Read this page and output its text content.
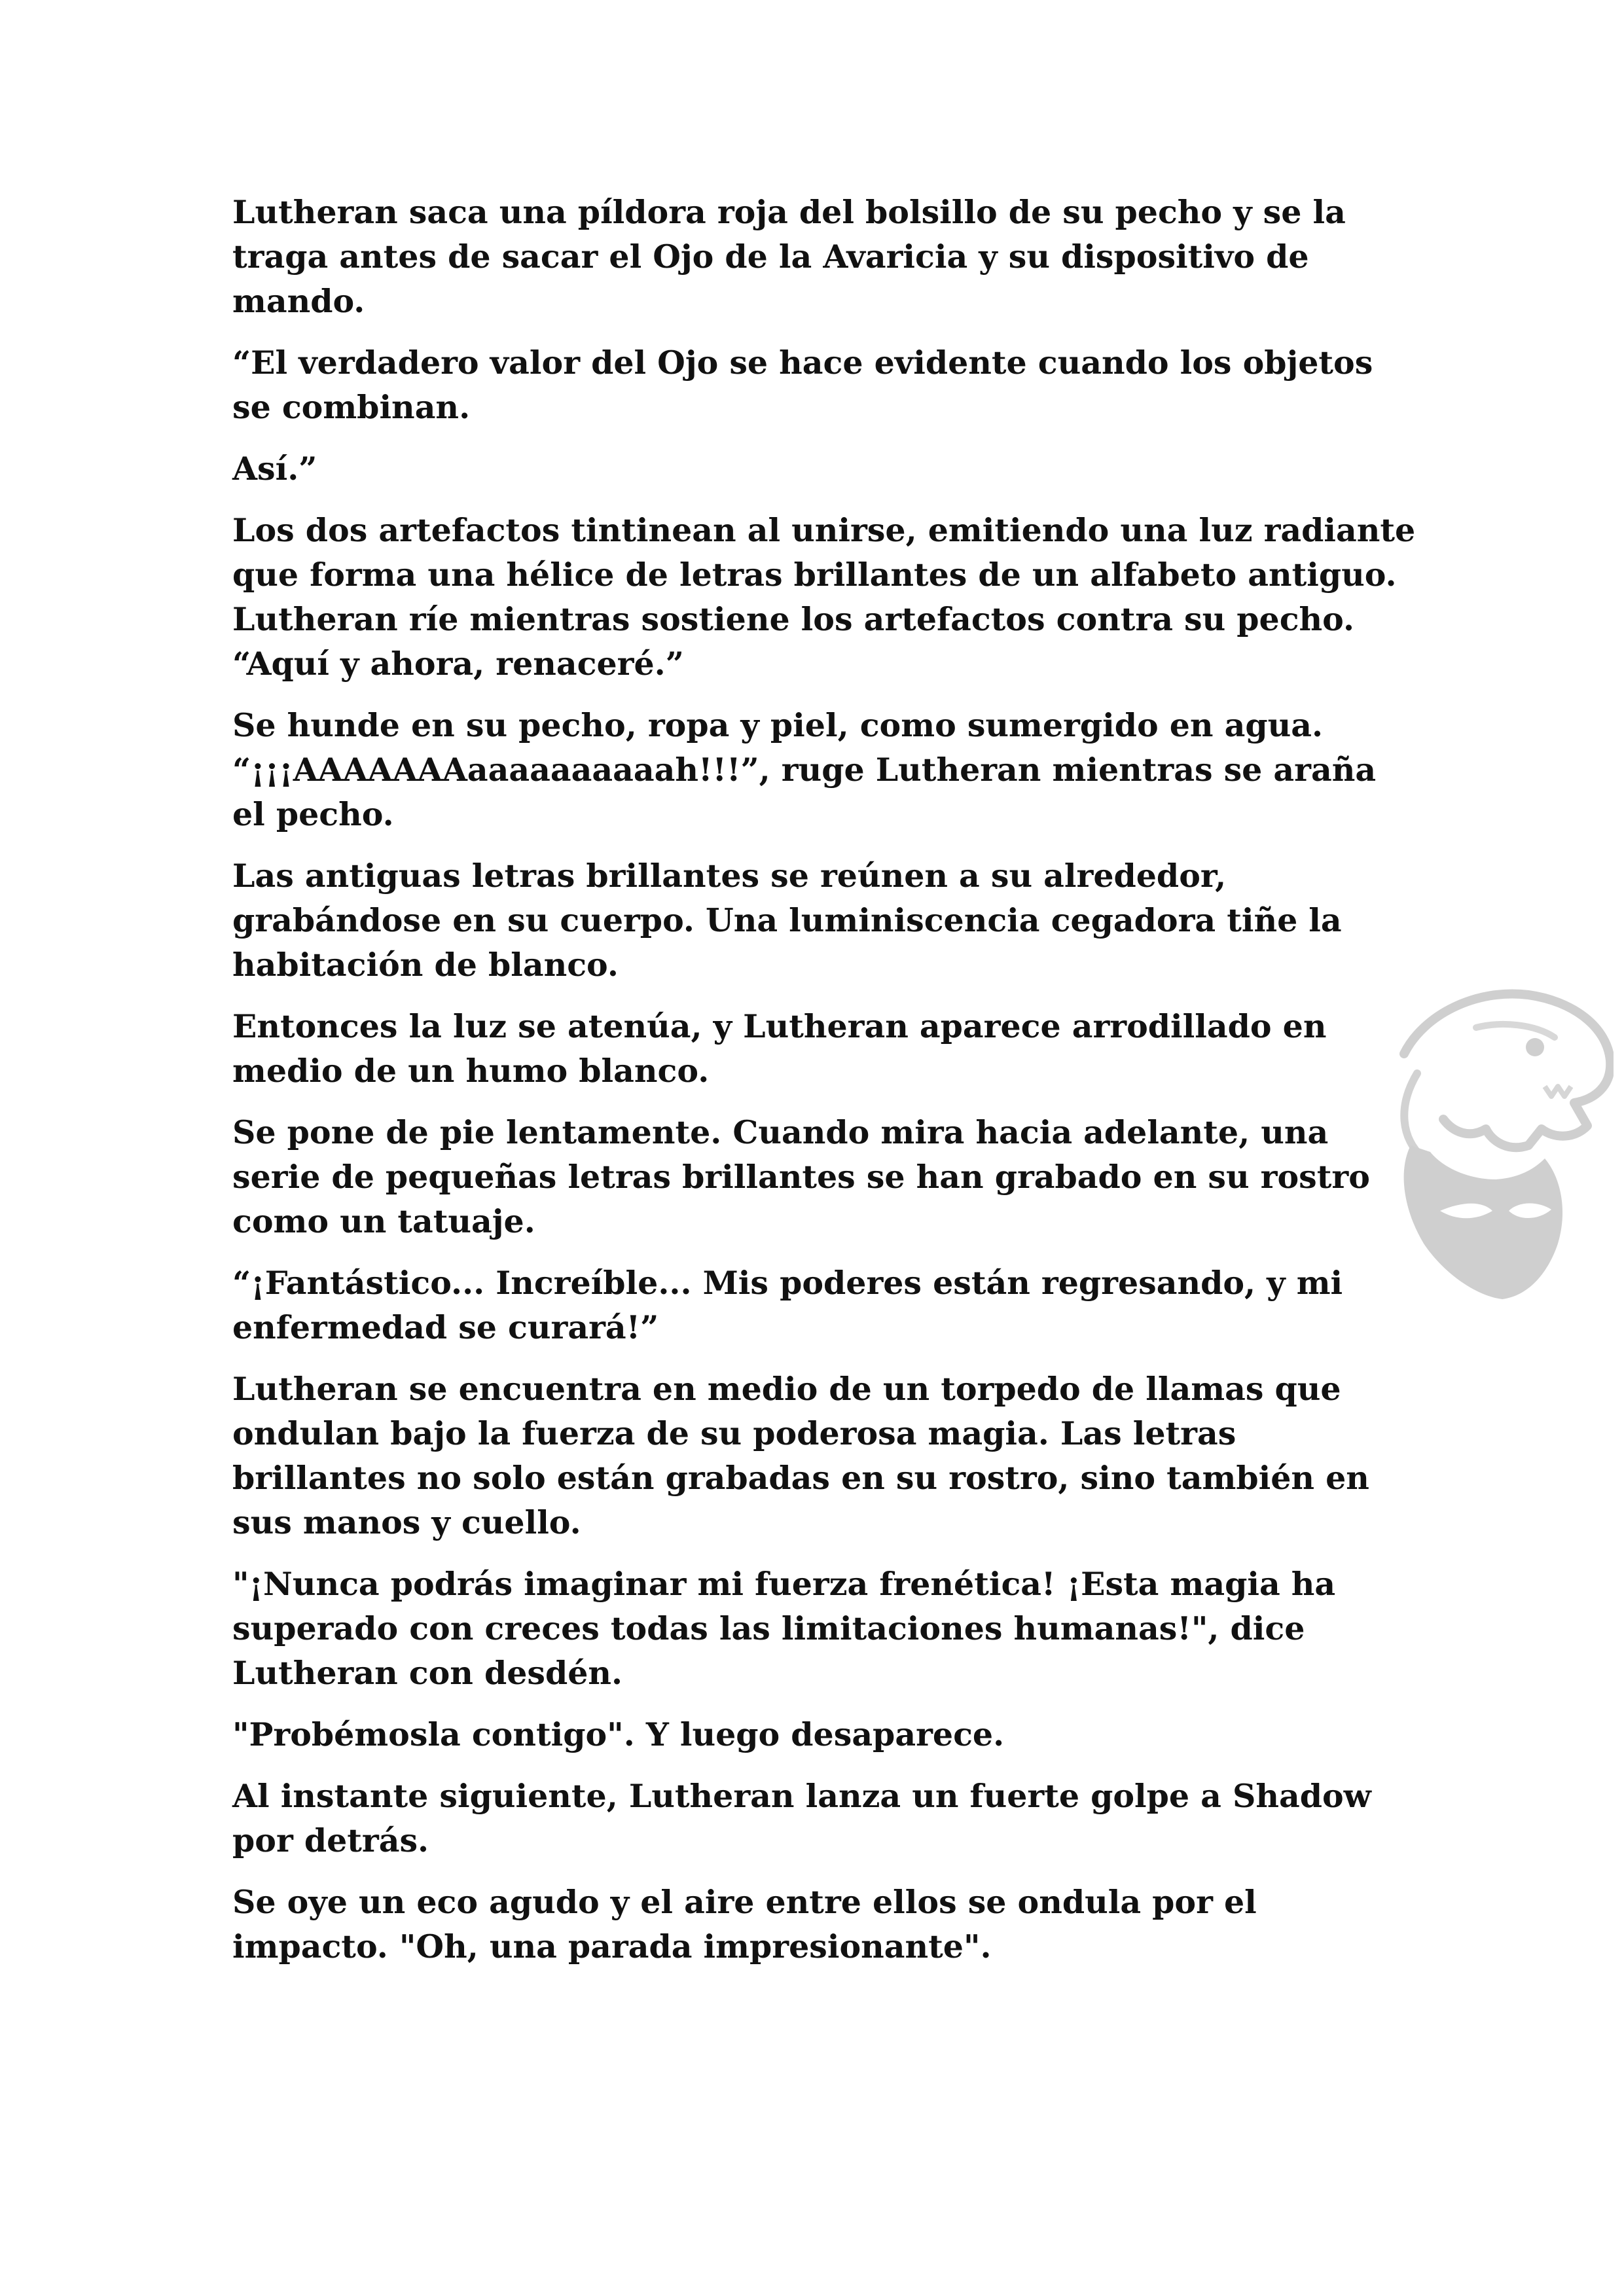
Lutheran saca una píldora roja del bolsillo de su pecho y se la traga antes de sacar el Ojo de la Avaricia y su dispositivo de mando.

“El verdadero valor del Ojo se hace evidente cuando los objetos se combinan.

Así.”

Los dos artefactos tintinean al unirse, emitiendo una luz radiante que forma una hélice de letras brillantes de un alfabeto antiguo. Lutheran ríe mientras sostiene los artefactos contra su pecho. “Aquí y ahora, renaceré.”

Se hunde en su pecho, ropa y piel, como sumergido en agua. “¡¡¡AAAAAAAaaaaaaaaaah!!!”, ruge Lutheran mientras se araña el pecho.

Las antiguas letras brillantes se reúnen a su alrededor, grabándose en su cuerpo. Una luminiscencia cegadora tiñe la habitación de blanco.

Entonces la luz se atenúa, y Lutheran aparece arrodillado en medio de un humo blanco.

Se pone de pie lentamente. Cuando mira hacia adelante, una serie de pequeñas letras brillantes se han grabado en su rostro como un tatuaje.

“¡Fantástico... Increíble... Mis poderes están regresando, y mi enfermedad se curará!”

Lutheran se encuentra en medio de un torpedo de llamas que ondulan bajo la fuerza de su poderosa magia. Las letras brillantes no solo están grabadas en su rostro, sino también en sus manos y cuello.

"¡Nunca podrás imaginar mi fuerza frenética! ¡Esta magia ha superado con creces todas las limitaciones humanas!", dice Lutheran con desdén.

"Probémosla contigo". Y luego desaparece.

Al instante siguiente, Lutheran lanza un fuerte golpe a Shadow por detrás.

Se oye un eco agudo y el aire entre ellos se ondula por el impacto. "Oh, una parada impresionante".
